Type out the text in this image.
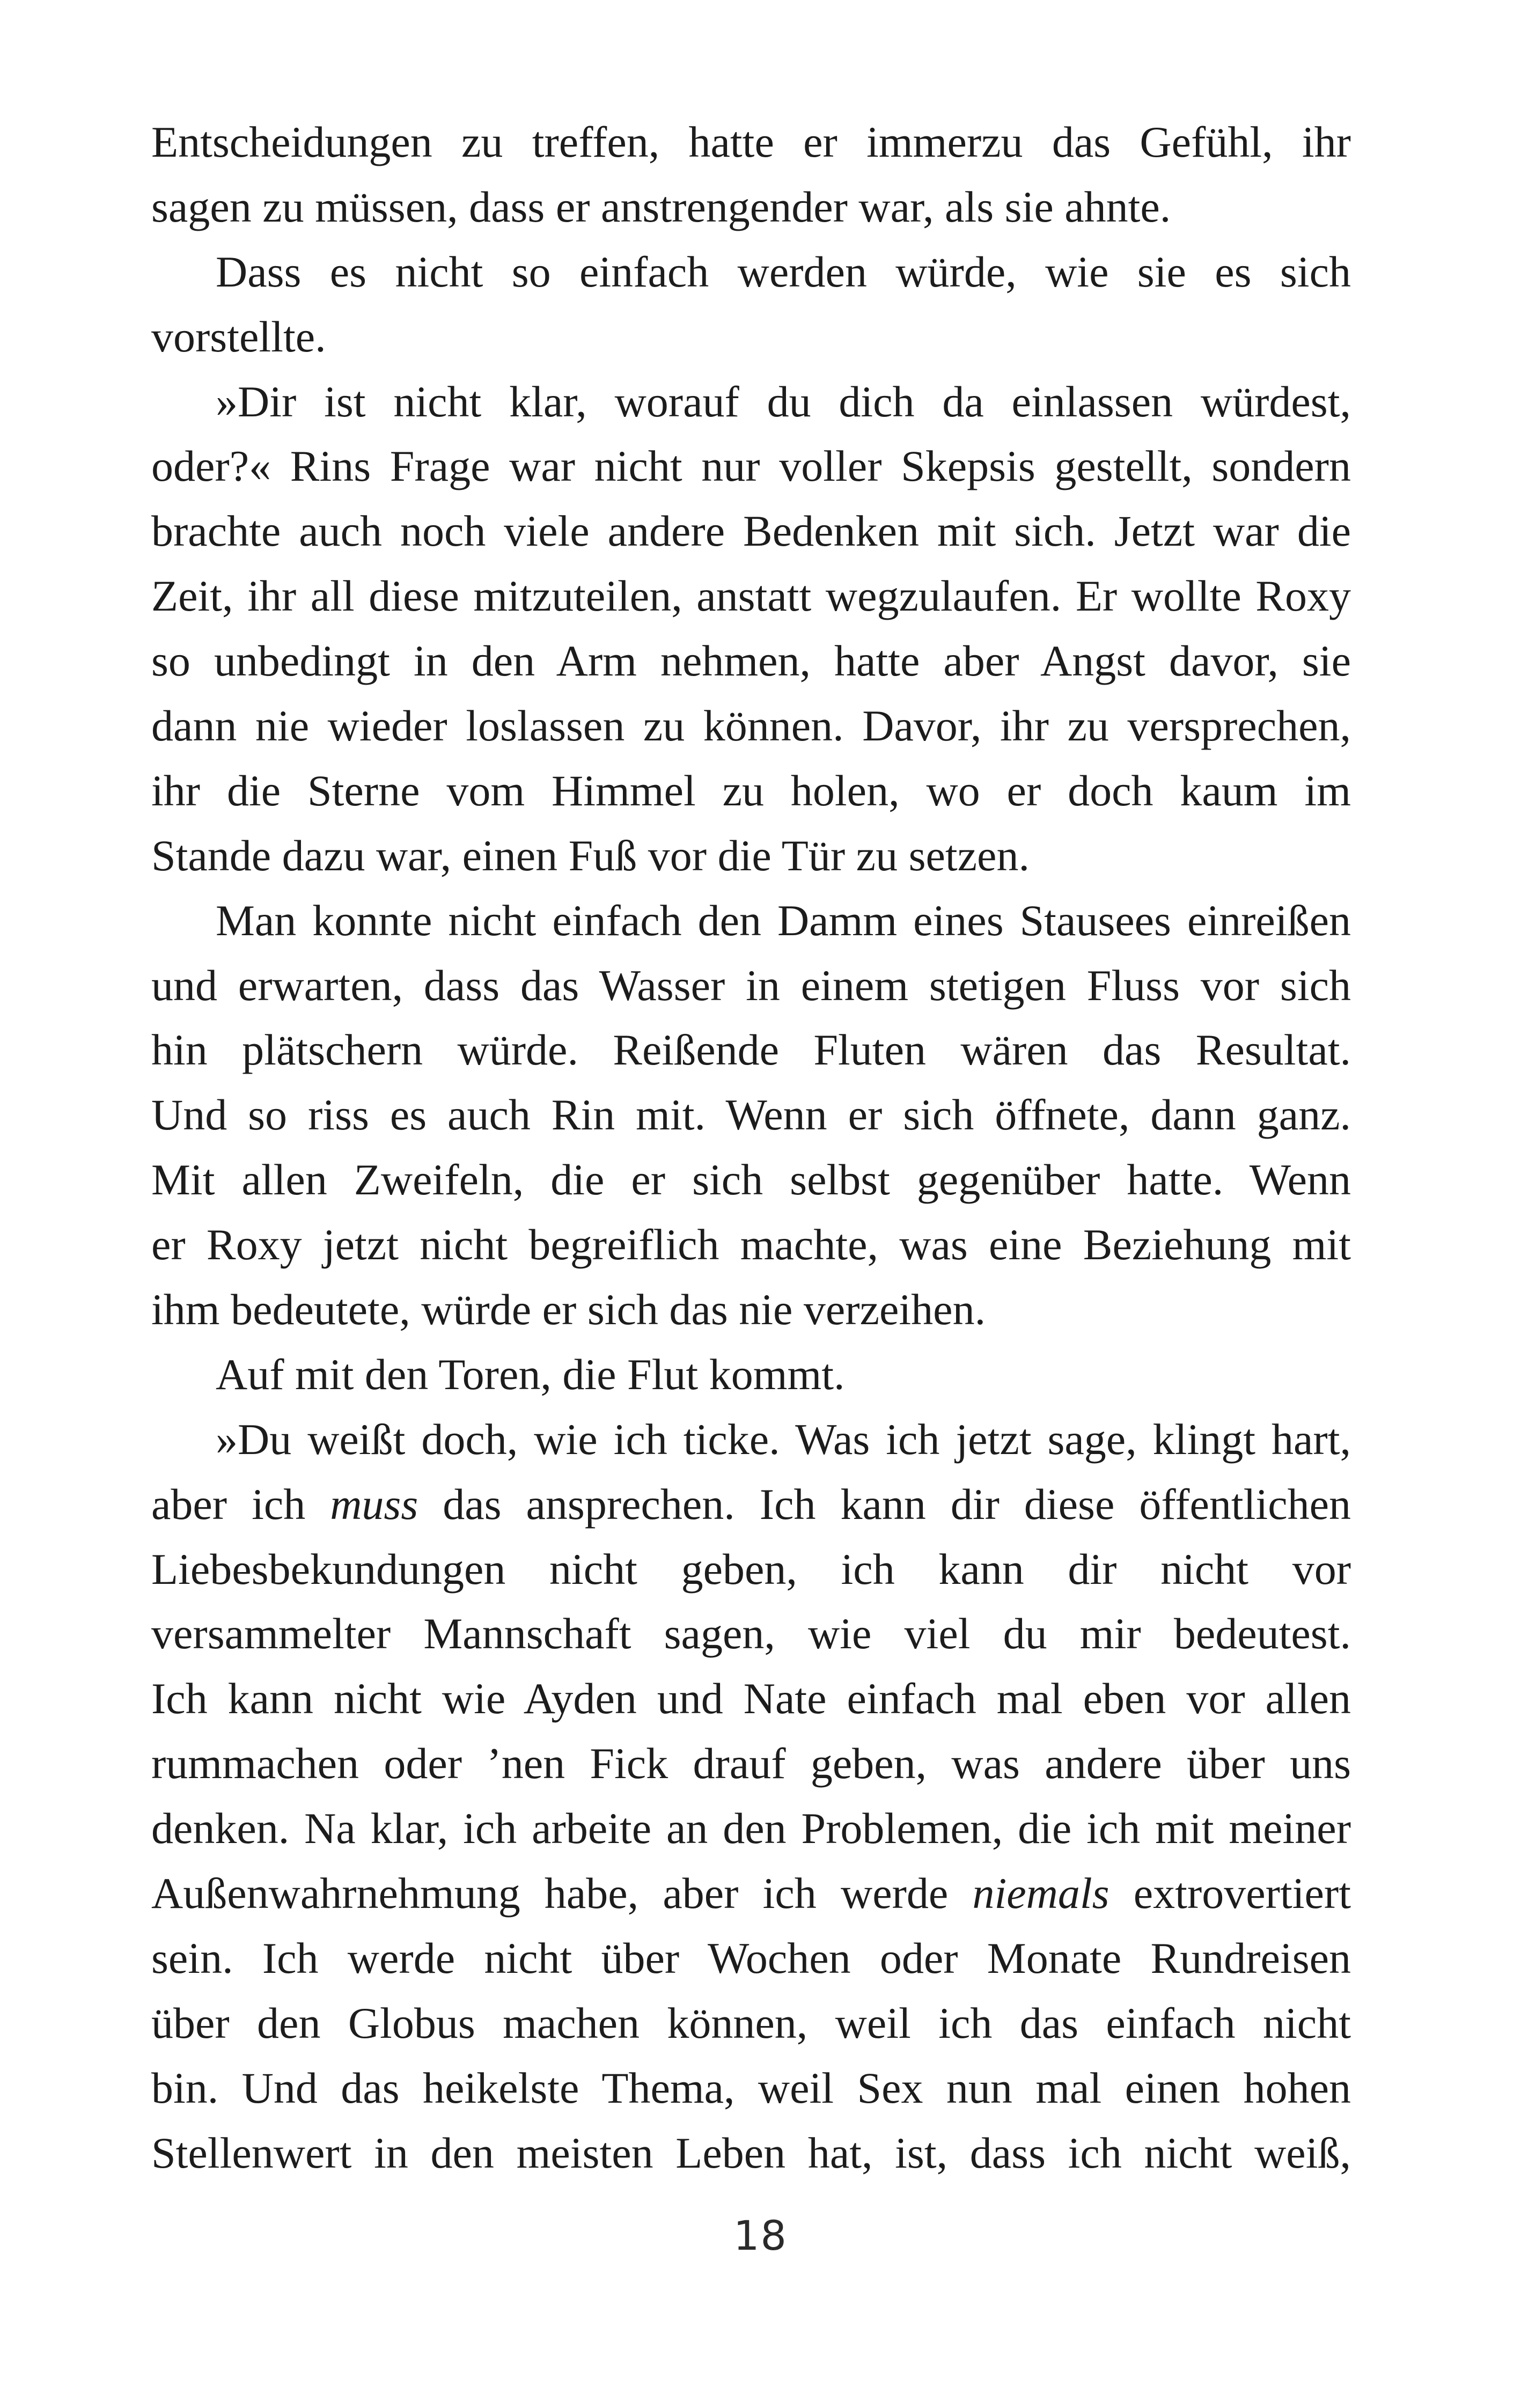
Entscheidungen zu treffen, hatte er immerzu das Gefühl, ihr
sagen zu müssen, dass er anstrengender war, als sie ahnte.
Dass es nicht so einfach werden würde, wie sie es sich
vorstellte.
»Dir ist nicht klar, worauf du dich da einlassen würdest,
oder?« Rins Frage war nicht nur voller Skepsis gestellt, sondern
brachte auch noch viele andere Bedenken mit sich. Jetzt war die
Zeit, ihr all diese mitzuteilen, anstatt wegzulaufen. Er wollte Roxy
so unbedingt in den Arm nehmen, hatte aber Angst davor, sie
dann nie wieder loslassen zu können. Davor, ihr zu versprechen,
ihr die Sterne vom Himmel zu holen, wo er doch kaum im
Stande dazu war, einen Fuß vor die Tür zu setzen.
Man konnte nicht einfach den Damm eines Stausees einreißen
und erwarten, dass das Wasser in einem stetigen Fluss vor sich
hin plätschern würde. Reißende Fluten wären das Resultat.
Und so riss es auch Rin mit. Wenn er sich öffnete, dann ganz.
Mit allen Zweifeln, die er sich selbst gegenüber hatte. Wenn
er Roxy jetzt nicht begreiflich machte, was eine Beziehung mit
ihm bedeutete, würde er sich das nie verzeihen.
Auf mit den Toren, die Flut kommt.
»Du weißt doch, wie ich ticke. Was ich jetzt sage, klingt hart,
aber ich muss das ansprechen. Ich kann dir diese öffentlichen
Liebesbekundungen nicht geben, ich kann dir nicht vor
versammelter Mannschaft sagen, wie viel du mir bedeutest.
Ich kann nicht wie Ayden und Nate einfach mal eben vor allen
rummachen oder ’nen Fick drauf geben, was andere über uns
denken. Na klar, ich arbeite an den Problemen, die ich mit meiner
Außenwahrnehmung habe, aber ich werde niemals extrovertiert
sein. Ich werde nicht über Wochen oder Monate Rundreisen
über den Globus machen können, weil ich das einfach nicht
bin. Und das heikelste Thema, weil Sex nun mal einen hohen
Stellenwert in den meisten Leben hat, ist, dass ich nicht weiß,
18
